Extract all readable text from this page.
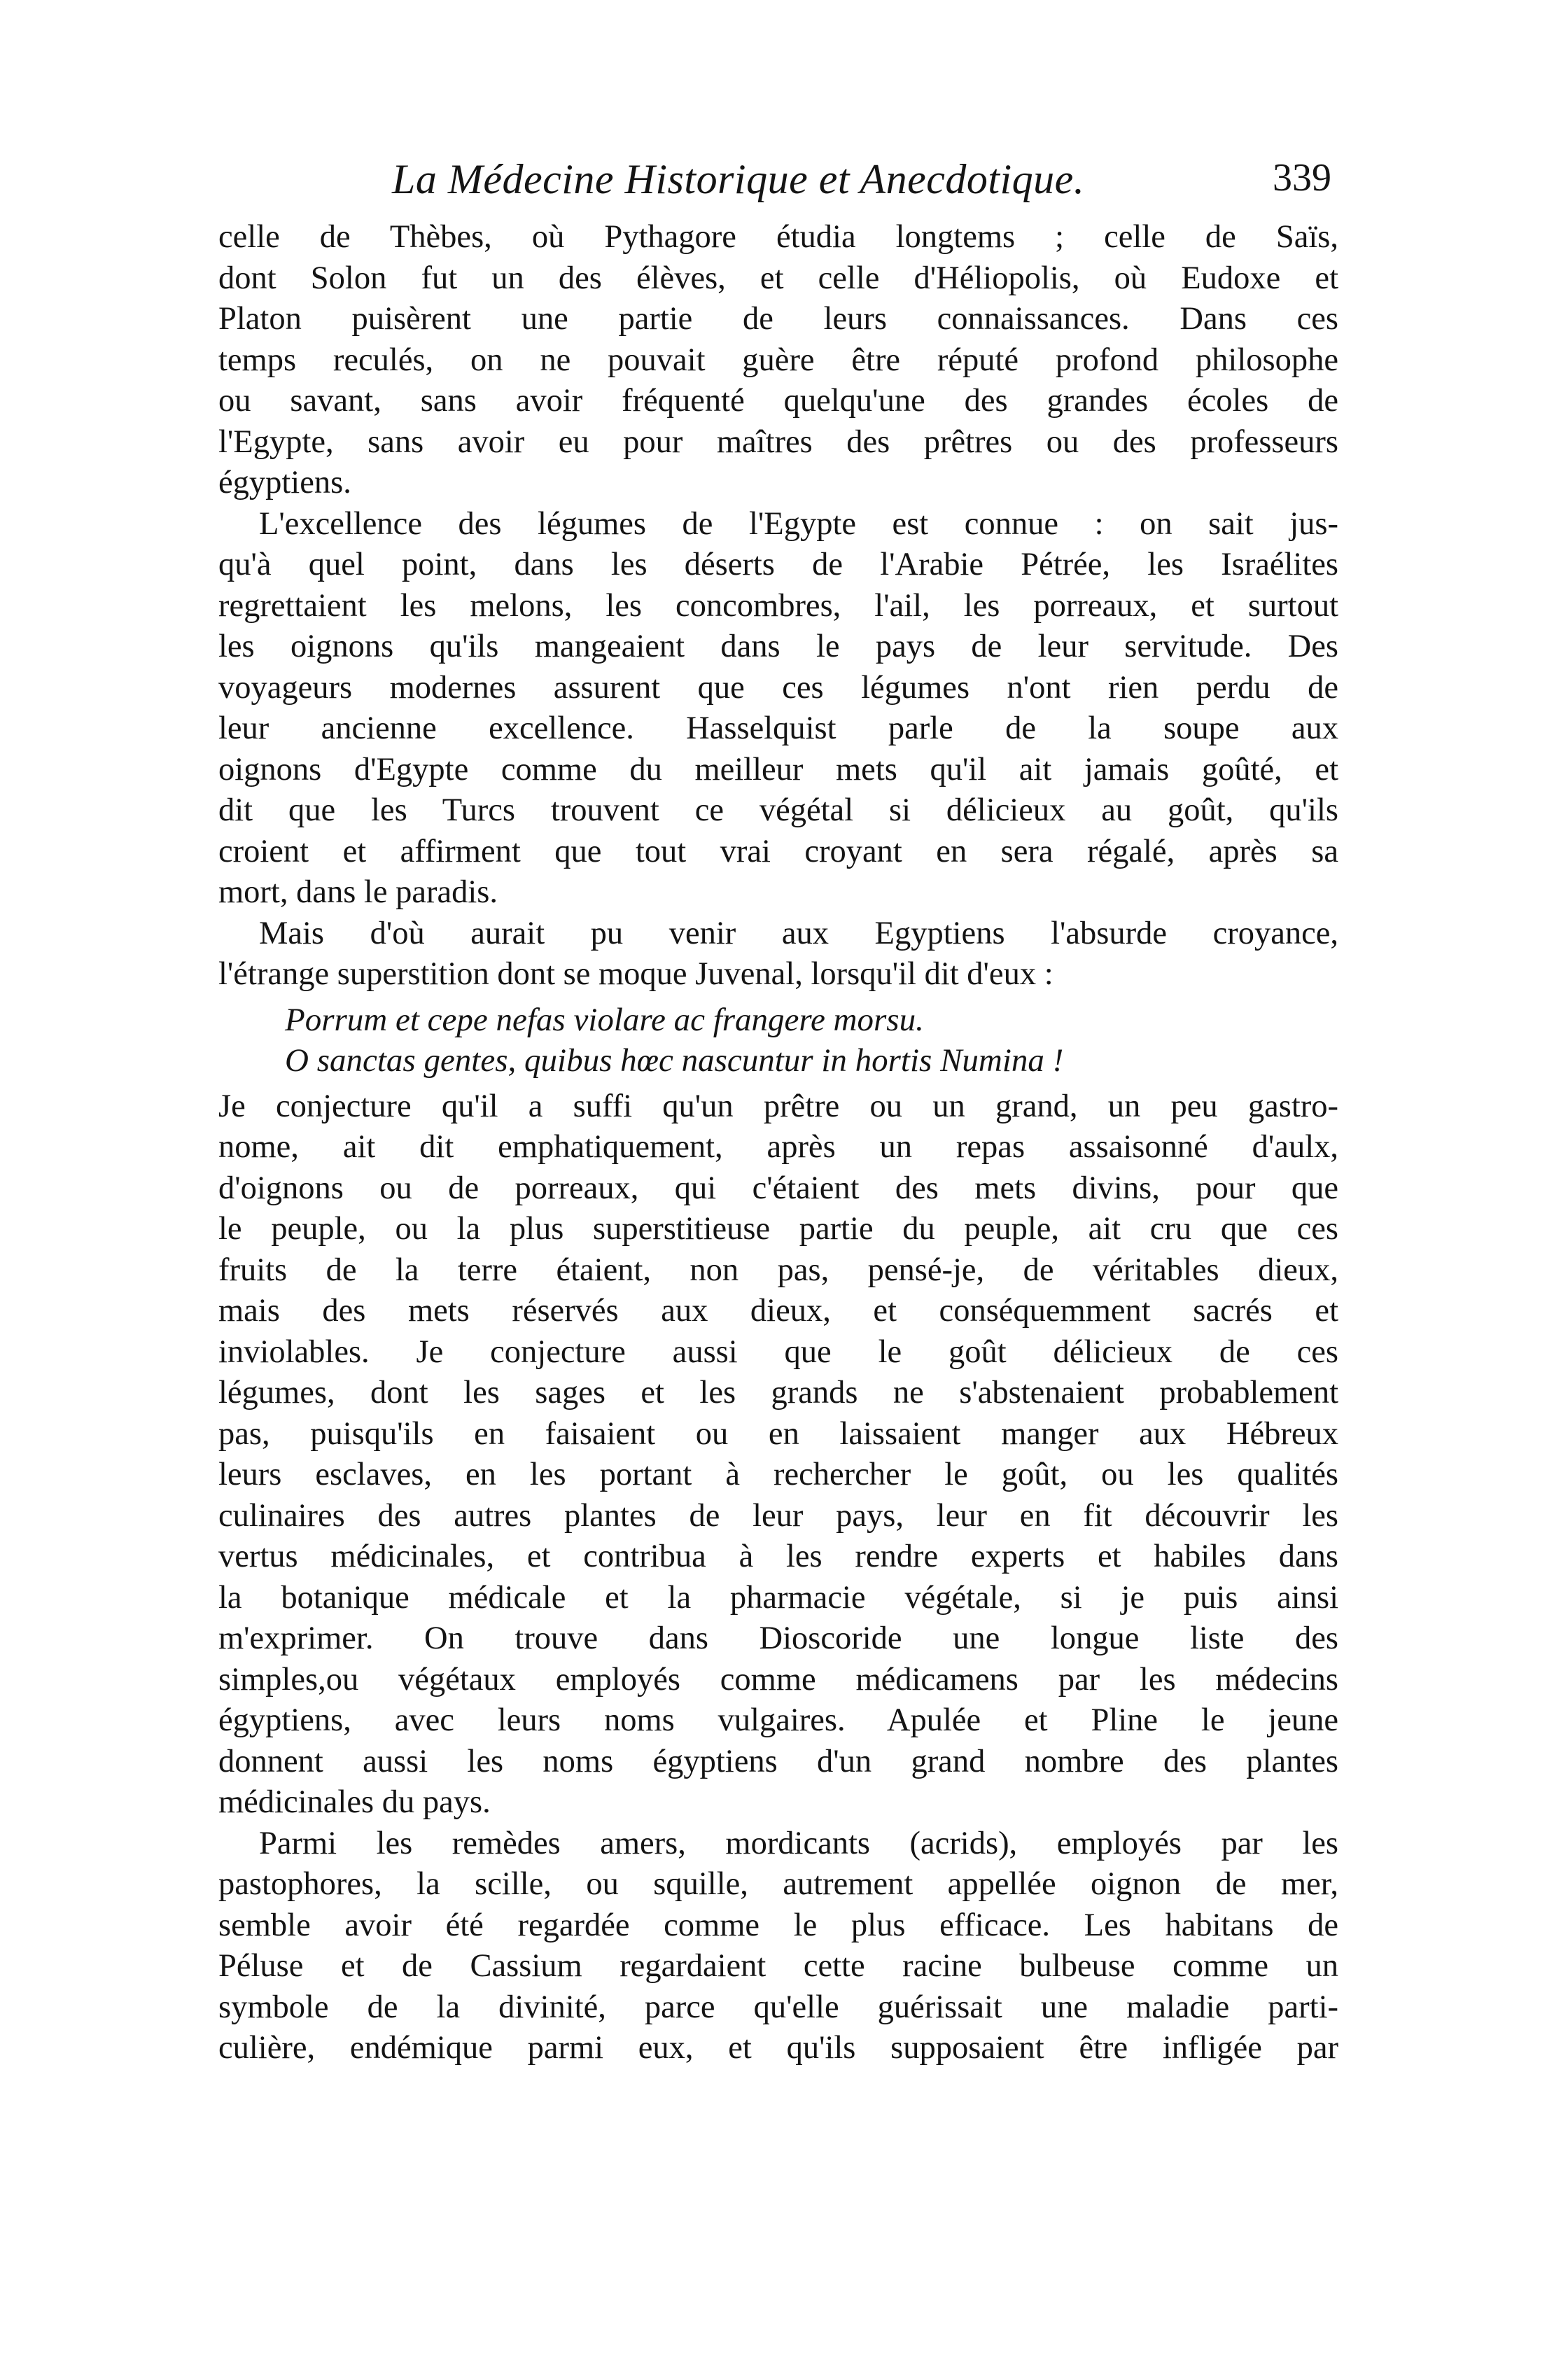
La Médecine Historique et Anecdotique.	339

celle de Thèbes, où Pythagore étudia longtems ; celle de Saïs,
dont Solon fut un des élèves, et celle d'Héliopolis, où Eudoxe et
Platon puisèrent une partie de leurs connaissances. Dans ces
temps reculés, on ne pouvait guère être réputé profond philosophe
ou savant, sans avoir fréquenté quelqu'une des grandes écoles de
l'Egypte, sans avoir eu pour maîtres des prêtres ou des professeurs
égyptiens.

L'excellence des légumes de l'Egypte est connue : on sait jus-
qu'à quel point, dans les déserts de l'Arabie Pétrée, les Israélites
regrettaient les melons, les concombres, l'ail, les porreaux, et surtout
les oignons qu'ils mangeaient dans le pays de leur servitude. Des
voyageurs modernes assurent que ces légumes n'ont rien perdu de
leur ancienne excellence. Hasselquist parle de la soupe aux
oignons d'Egypte comme du meilleur mets qu'il ait jamais goûté, et
dit que les Turcs trouvent ce végétal si délicieux au goût, qu'ils
croient et affirment que tout vrai croyant en sera régalé, après sa
mort, dans le paradis.

Mais d'où aurait pu venir aux Egyptiens l'absurde croyance,
l'étrange superstition dont se moque Juvenal, lorsqu'il dit d'eux :

Porrum et cepe nefas violare ac frangere morsu.
O sanctas gentes, quibus hœc nascuntur in hortis Numina !

Je conjecture qu'il a suffi qu'un prêtre ou un grand, un peu gastro-
nome, ait dit emphatiquement, après un repas assaisonné d'aulx,
d'oignons ou de porreaux, qui c'étaient des mets divins, pour que
le peuple, ou la plus superstitieuse partie du peuple, ait cru que ces
fruits de la terre étaient, non pas, pensé-je, de véritables dieux,
mais des mets réservés aux dieux, et conséquemment sacrés et
inviolables. Je conjecture aussi que le goût délicieux de ces
légumes, dont les sages et les grands ne s'abstenaient probablement
pas, puisqu'ils en faisaient ou en laissaient manger aux Hébreux
leurs esclaves, en les portant à rechercher le goût, ou les qualités
culinaires des autres plantes de leur pays, leur en fit découvrir les
vertus médicinales, et contribua à les rendre experts et habiles dans
la botanique médicale et la pharmacie végétale, si je puis ainsi
m'exprimer. On trouve dans Dioscoride une longue liste des
simples,ou végétaux employés comme médicamens par les médecins
égyptiens, avec leurs noms vulgaires. Apulée et Pline le jeune
donnent aussi les noms égyptiens d'un grand nombre des plantes
médicinales du pays.

Parmi les remèdes amers, mordicants (acrids), employés par les
pastophores, la scille, ou squille, autrement appellée oignon de mer,
semble avoir été regardée comme le plus efficace. Les habitans de
Péluse et de Cassium regardaient cette racine bulbeuse comme un
symbole de la divinité, parce qu'elle guérissait une maladie parti-
culière, endémique parmi eux, et qu'ils supposaient être infligée par
